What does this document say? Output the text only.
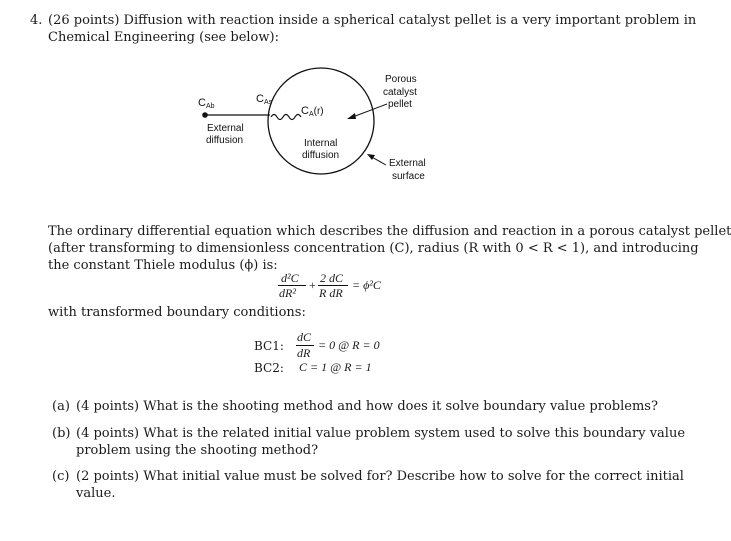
4. (26 points) Diffusion with reaction inside a spherical catalyst pellet is a very important problem in
Chemical Engineering (see below):
CAb
CAs
CA(r)
External
diffusion	Internal
diffusion
Porous
catalyst
pellet
External
surface
The ordinary differential equation which describes the diffusion and reaction in a porous catalyst pellet
(after transforming to dimensionless concentration (C), radius (R with 0 < R < 1), and introducing
the constant Thiele modulus (ϕ) is:
d²C
dR²
+ 2 dC
R dR
= ϕ²C
with transformed boundary conditions:
BC1:
dC
dR
= 0 @ R = 0
BC2: C = 1 @ R = 1
(a) (4 points) What is the shooting method and how does it solve boundary value problems?
(b) (4 points) What is the related initial value problem system used to solve this boundary value
problem using the shooting method?
(c) (2 points) What initial value must be solved for? Describe how to solve for the correct initial
value.
